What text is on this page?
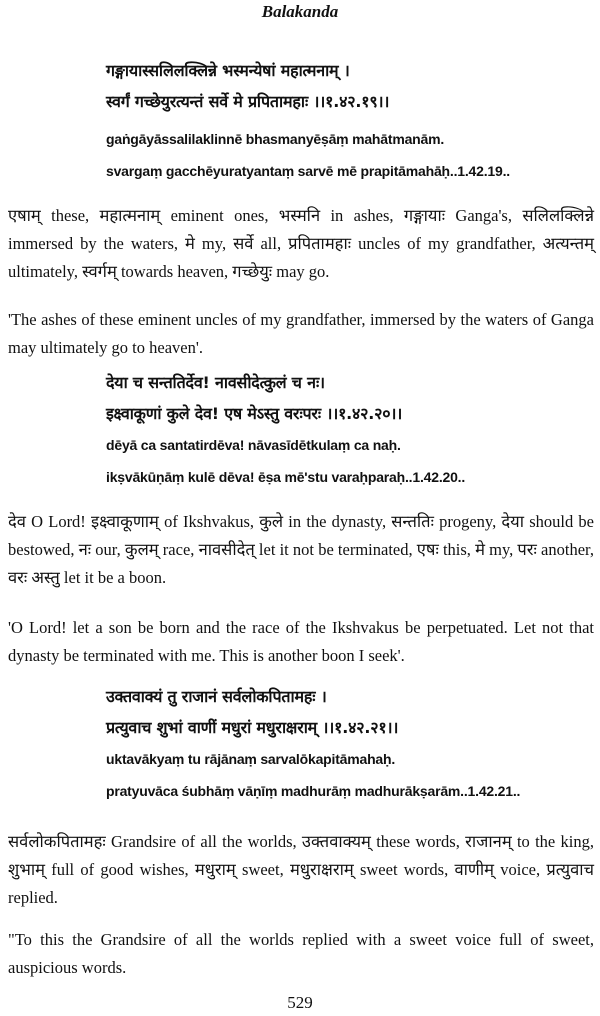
Balakanda
गङ्गायास्सलिलक्लिन्ने भस्मन्येषां महात्मनाम् ।
स्वर्गं गच्छेयुरत्यन्तं सर्वे मे प्रपितामहाः ।।१.४२.१९।।
gaṅgāyāssalilaklinnē bhasmanyēṣāṃ mahātmanām.
svargaṃ gacchēyuratyantaṃ sarvē mē prapitāmahāḥ..1.42.19..
एषाम् these, महात्मनाम् eminent ones, भस्मनि in ashes, गङ्गायाः Ganga's, सलिलक्लिन्ने immersed by the waters, मे my, सर्वे all, प्रपितामहाः uncles of my grandfather, अत्यन्तम् ultimately, स्वर्गम् towards heaven, गच्छेयुः may go.
'The ashes of these eminent uncles of my grandfather, immersed by the waters of Ganga may ultimately go to heaven'.
देया च सन्ततिर्देव! नावसीदेत्कुलं च नः।
इक्ष्वाकूणां कुले देव! एष मेऽस्तु वरःपरः ।।१.४२.२०।।
dēyā ca santatirdēva! nāvasīdētkulaṃ ca naḥ.
ikṣvākūṇāṃ kulē dēva! ēṣa mē'stu varaḥparaḥ..1.42.20..
देव O Lord! इक्ष्वाकूणाम् of Ikshvakus, कुले in the dynasty, सन्ततिः progeny, देया should be bestowed, नः our, कुलम् race, नावसीदेत् let it not be terminated, एषः this, मे my, परः another, वरः अस्तु let it be a boon.
'O Lord! let a son be born and the race of the Ikshvakus be perpetuated. Let not that dynasty be terminated with me. This is another boon I seek'.
उक्तवाक्यं तु राजानं सर्वलोकपितामहः ।
प्रत्युवाच शुभां वाणीं मधुरां मधुराक्षराम् ।।१.४२.२१।।
uktavākyaṃ tu rājānaṃ sarvalōkapitāmahaḥ.
pratyuvāca śubhāṃ vāṇīṃ madhurāṃ madhurākṣarām..1.42.21..
सर्वलोकपितामहः Grandsire of all the worlds, उक्तवाक्यम् these words, राजानम् to the king, शुभाम् full of good wishes, मधुराम् sweet, मधुराक्षराम् sweet words, वाणीम् voice, प्रत्युवाच replied.
"To this the Grandsire of all the worlds replied with a sweet voice full of sweet, auspicious words.
529
